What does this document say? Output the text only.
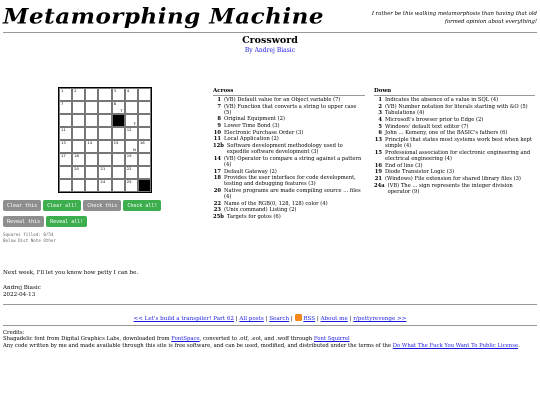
Metamorphing Machine	I rather be this walking metamorphosis than having that old formed opinion about everything!
Crossword
By Andrej Biasic
1	2	3	4
7	8
T
F
11	12
13	14	15
N
16
17 18	19
20	21	22
24	25
Clear this	Clear all!	Check this	Check all!
Reveal this	Reveal all!
Squares filled: 0/54
Below Dist Note Other
Across
1 (VB) Default value for an Object variable (7)
7 (VB) Function that converts a string to upper case (5)
8 Original Equipment (2)
9 Lower Time Bond (3)
10 Electronic Purchase Order (3)
11 Local Application (2)
12b Software development methodology used to expedite software development (3)
14 (VB) Operator to compare a string against a pattern (4)
17 Default Gateway (2)
18 Provides the user interface for code development, testing and debugging features (3)
20 Native programs are made compiling source ... files (4)
22 Name of the RGB(0, 128, 128) color (4)
23 (Unix command) Listing (2)
25b Targets for gotos (6)
Down
1 Indicates the absence of a value in SQL (4)
2 (VB) Number notation for literals starting with &O (5)
3 Tabulations (4)
4 Microsoft's browser prior to Edge (2)
5 Windows' default text editor (7)
6 John ... Kemeny, one of the BASIC's fathers (6)
13 Principle that states most systems work best when kept simple (4)
15 Professional association for electronic engineering and electrical engineering (4)
16 End of line (3)
19 Diode Transistor Logic (3)
21 (Windows) File extension for shared library files (3)
24a (VB) The ... sign represents the integer division operator (9)
Next week, I'll let you know how petty I can be.
Andrej Biasic
2022-04-13
<< Let's build a transpiler! Part 62 | All posts | Search | RSS | About me | r/pettyrevenge >>
Credits:
Shagadelic font from Digital Graphics Labs, downloaded from FontSpace, converted to .otf, .eot, and .woff through Font Squirrel
Any code written by me and made available through this site is free software, and can be used, modified, and distributed under the terms of the Do What The Fuck You Want To Public License.
